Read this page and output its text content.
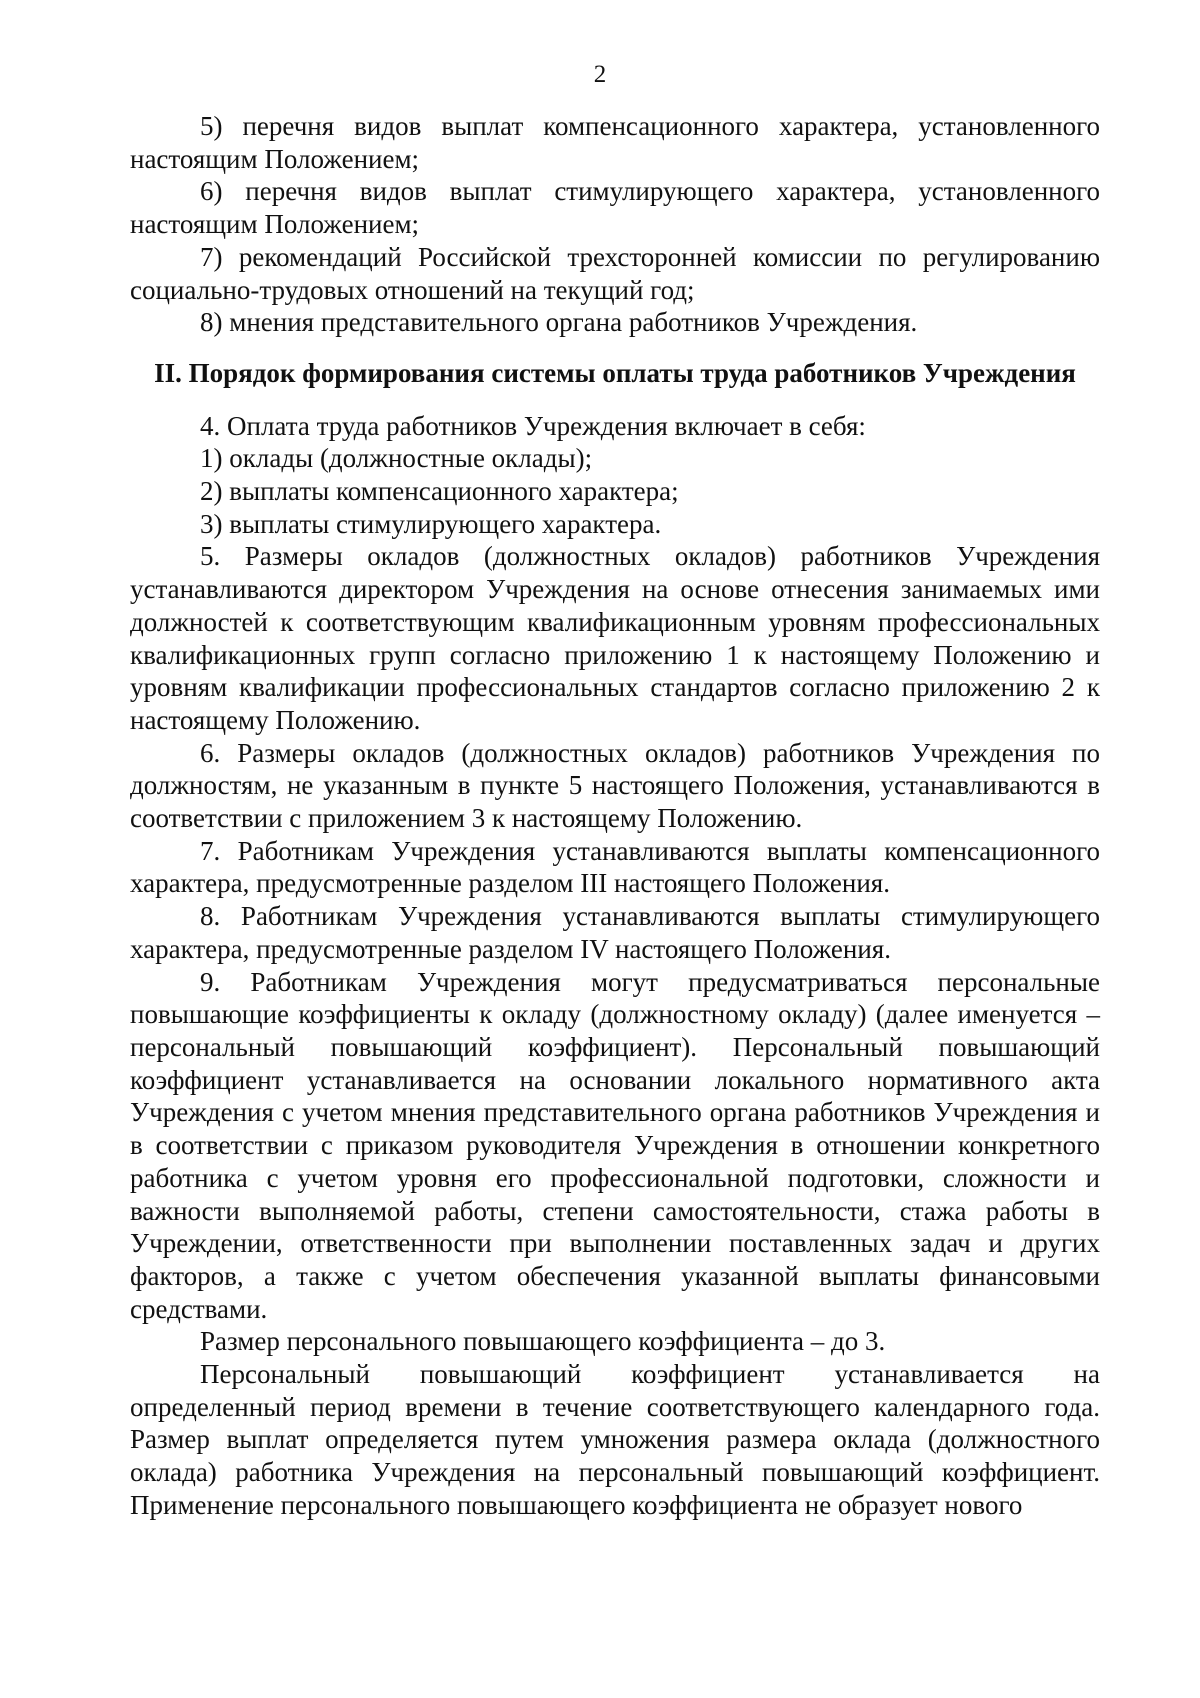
2

5) перечня видов выплат компенсационного характера, установленного настоящим Положением;

6) перечня видов выплат стимулирующего характера, установленного настоящим Положением;

7) рекомендаций Российской трехсторонней комиссии по регулированию социально-трудовых отношений на текущий год;

8) мнения представительного органа работников Учреждения.

II. Порядок формирования системы оплаты труда работников Учреждения

4. Оплата труда работников Учреждения включает в себя:

1) оклады (должностные оклады);

2) выплаты компенсационного характера;

3) выплаты стимулирующего характера.

5. Размеры окладов (должностных окладов) работников Учреждения устанавливаются директором Учреждения на основе отнесения занимаемых ими должностей к соответствующим квалификационным уровням профессиональных квалификационных групп согласно приложению 1 к настоящему Положению и уровням квалификации профессиональных стандартов согласно приложению 2 к настоящему Положению.

6. Размеры окладов (должностных окладов) работников Учреждения по должностям, не указанным в пункте 5 настоящего Положения, устанавливаются в соответствии с приложением 3 к настоящему Положению.

7. Работникам Учреждения устанавливаются выплаты компенсационного характера, предусмотренные разделом III настоящего Положения.

8. Работникам Учреждения устанавливаются выплаты стимулирующего характера, предусмотренные разделом IV настоящего Положения.

9. Работникам Учреждения могут предусматриваться персональные повышающие коэффициенты к окладу (должностному окладу) (далее именуется – персональный повышающий коэффициент). Персональный повышающий коэффициент устанавливается на основании локального нормативного акта Учреждения с учетом мнения представительного органа работников Учреждения и в соответствии с приказом руководителя Учреждения в отношении конкретного работника с учетом уровня его профессиональной подготовки, сложности и важности выполняемой работы, степени самостоятельности, стажа работы в Учреждении, ответственности при выполнении поставленных задач и других факторов, а также с учетом обеспечения указанной выплаты финансовыми средствами.

Размер персонального повышающего коэффициента – до 3.

Персональный повышающий коэффициент устанавливается на определенный период времени в течение соответствующего календарного года. Размер выплат определяется путем умножения размера оклада (должностного оклада) работника Учреждения на персональный повышающий коэффициент. Применение персонального повышающего коэффициента не образует нового
